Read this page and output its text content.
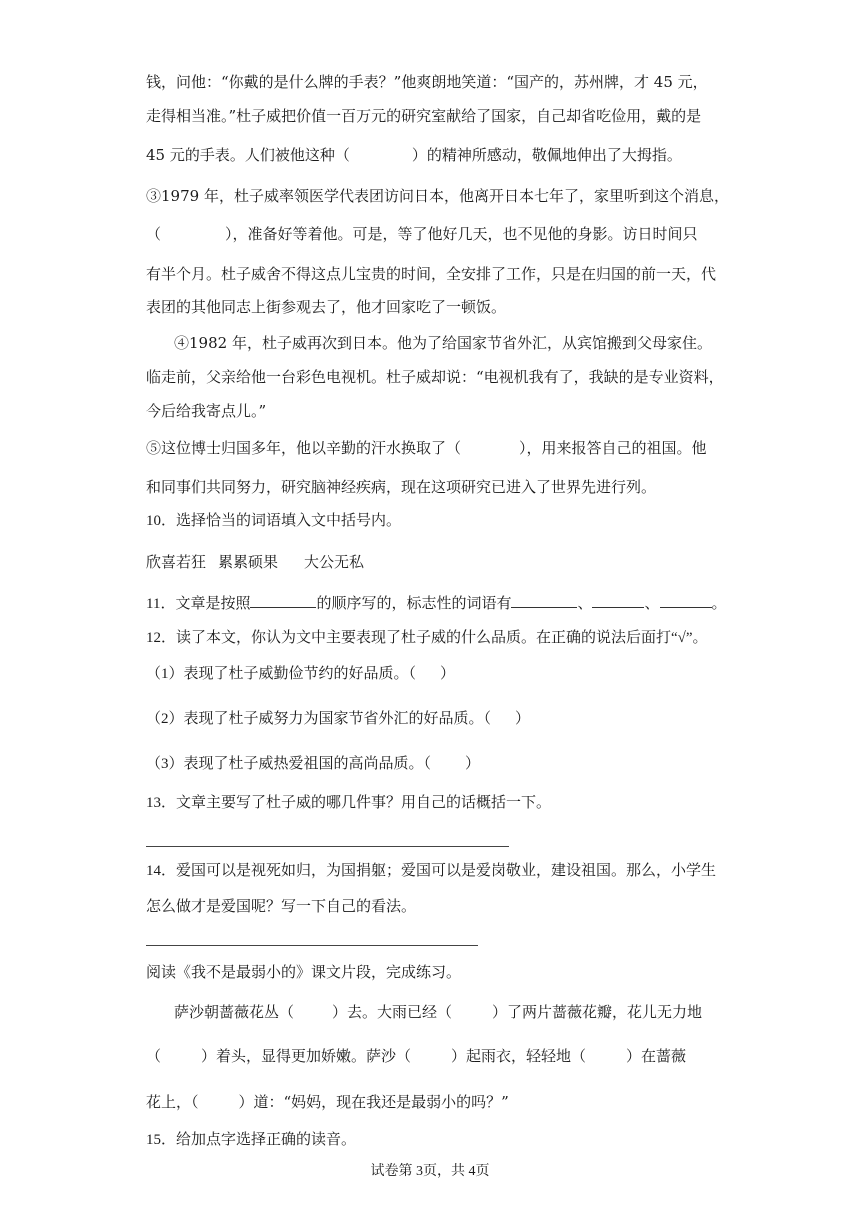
钱，问他：“你戴的是什么牌的手表？”他爽朗地笑道：“国产的，苏州牌，才 45 元，
走得相当准。”杜子威把价值一百万元的研究室献给了国家，自己却省吃俭用，戴的是
45 元的手表。人们被他这种（	）的精神所感动，敬佩地伸出了大拇指。
③1979 年，杜子威率领医学代表团访问日本，他离开日本七年了，家里听到这个消息，
（	），准备好等着他。可是，等了他好几天，也不见他的身影。访日时间只
有半个月。杜子威舍不得这点儿宝贵的时间，全安排了工作，只是在归国的前一天，代
表团的其他同志上街参观去了，他才回家吃了一顿饭。
④1982 年，杜子威再次到日本。他为了给国家节省外汇，从宾馆搬到父母家住。
临走前，父亲给他一台彩色电视机。杜子威却说：“电视机我有了，我缺的是专业资料，
今后给我寄点儿。”
⑤这位博士归国多年，他以辛勤的汗水换取了（	），用来报答自己的祖国。他
和同事们共同努力，研究脑神经疾病，现在这项研究已进入了世界先进行列。
10．选择恰当的词语填入文中括号内。
欣喜若狂 累累硕果 大公无私
11．文章是按照	的顺序写的，标志性的词语有	、	、	。
12．读了本文，你认为文中主要表现了杜子威的什么品质。在正确的说法后面打“√”。
（1）表现了杜子威勤俭节约的好品质。（ ）
（2）表现了杜子威努力为国家节省外汇的好品质。（ ）
（3）表现了杜子威热爱祖国的高尚品质。（ ）
13．文章主要写了杜子威的哪几件事？用自己的话概括一下。
14．爱国可以是视死如归，为国捐躯；爱国可以是爱岗敬业，建设祖国。那么，小学生
怎么做才是爱国呢？写一下自己的看法。
阅读《我不是最弱小的》课文片段，完成练习。
萨沙朝蔷薇花丛（	）去。大雨已经（	）了两片蔷薇花瓣，花儿无力地
（	）着头，显得更加娇嫩。萨沙（	）起雨衣，轻轻地（	）在蔷薇
花上，（	）道：“妈妈，现在我还是最弱小的吗？”
15．给加点字选择正确的读音。
试卷第 3页，共 4页
